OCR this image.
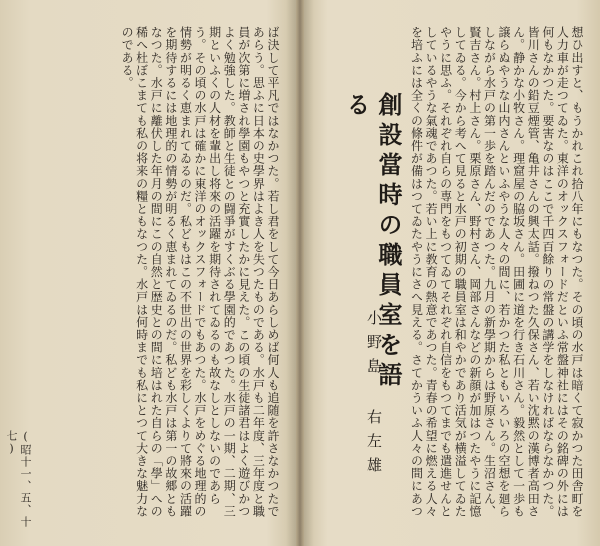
ば決して平凡ではなかつた。若し君をして今日あらしめば何人も追随を許さなかつたであらう。思ふに日本の史學界はよき人を失つたものである。水戸も二年度、三年度と職員が次第に増され學園もやつと充實したかに見えた。この頃の生徒諸君はよく遊びかつよく勉強した。教師と生徒との闘爭がすくぶる學園的であつた。水戸の一期、二期、三期といふくの人材を輩出し将來の活躍を期待されてゐるのも故なしとしないのであらう。その頃の水戸は確かに東洋のオックスフォードでもあつた。水戸をめぐる地理的の情勢が明るく恵まれてゐるのだ。私どもはこの不世出の世界を彩しくよりて將來の活躍を期待するには地理的の情勢が明るく恵まれてゐるのだ。私ども水戸は第一の故郷ともなつた。水戸に離伏した年月の間にこの自然と歴史との間に培はれた自らの「學」への稀へ杜ぼこまても私の将来の糧ともなつた。水戸は何時までも私にとつて大きな魅力なのである。
(昭十一、五、十七)
想ひ出すと、もうかれこれ拾八年にもなつた。その頃の水戸は暗くて寂かつた田舎町を人力車が走つてゐた。東洋のオックスフォードだといふ常盤神社にはその銘碑の外には何もなかつた。要害なのはここで千四百餘りの常盤の講学をしなければならなかつた。皆川さんの鉛豆煙管、亀井さんの興太話。撥ねつた久保さん、若い沈黙の漢博者高田さん。静かな小牧さん。理窟屋の脇坂さん。田圃に道を行き石川さん。毅然として一歩も譲らぬやうな山内さんといふやうな人々の間に、若かつた私ともいろいろの空想を廻らしながら水戸の第一歩を踏んだのであつた。九月の新學期からは野原さん。生沼さん、賢吉さん。村上さん。栗原さん、野村さん、岡部さんなどの新顔が加はつたやうに記憶してゐる。今から考へて見ると水戸の初期の職員室は和やかであり活気が横溢してゐたやうに思ふ。それぞれ自らの専門をもつてゐてそれぞれ自信をもつてまでも遣進せんとしているやうな氣魂であつた。若い上に教育の熱意であつた。青春の希望に燃える人々を培ふには全くの條件が備はつてゐたやうにさへ見える。さてかういふ人々の間にあつ
創設當時の職員室を語る
小野島 右左雄
